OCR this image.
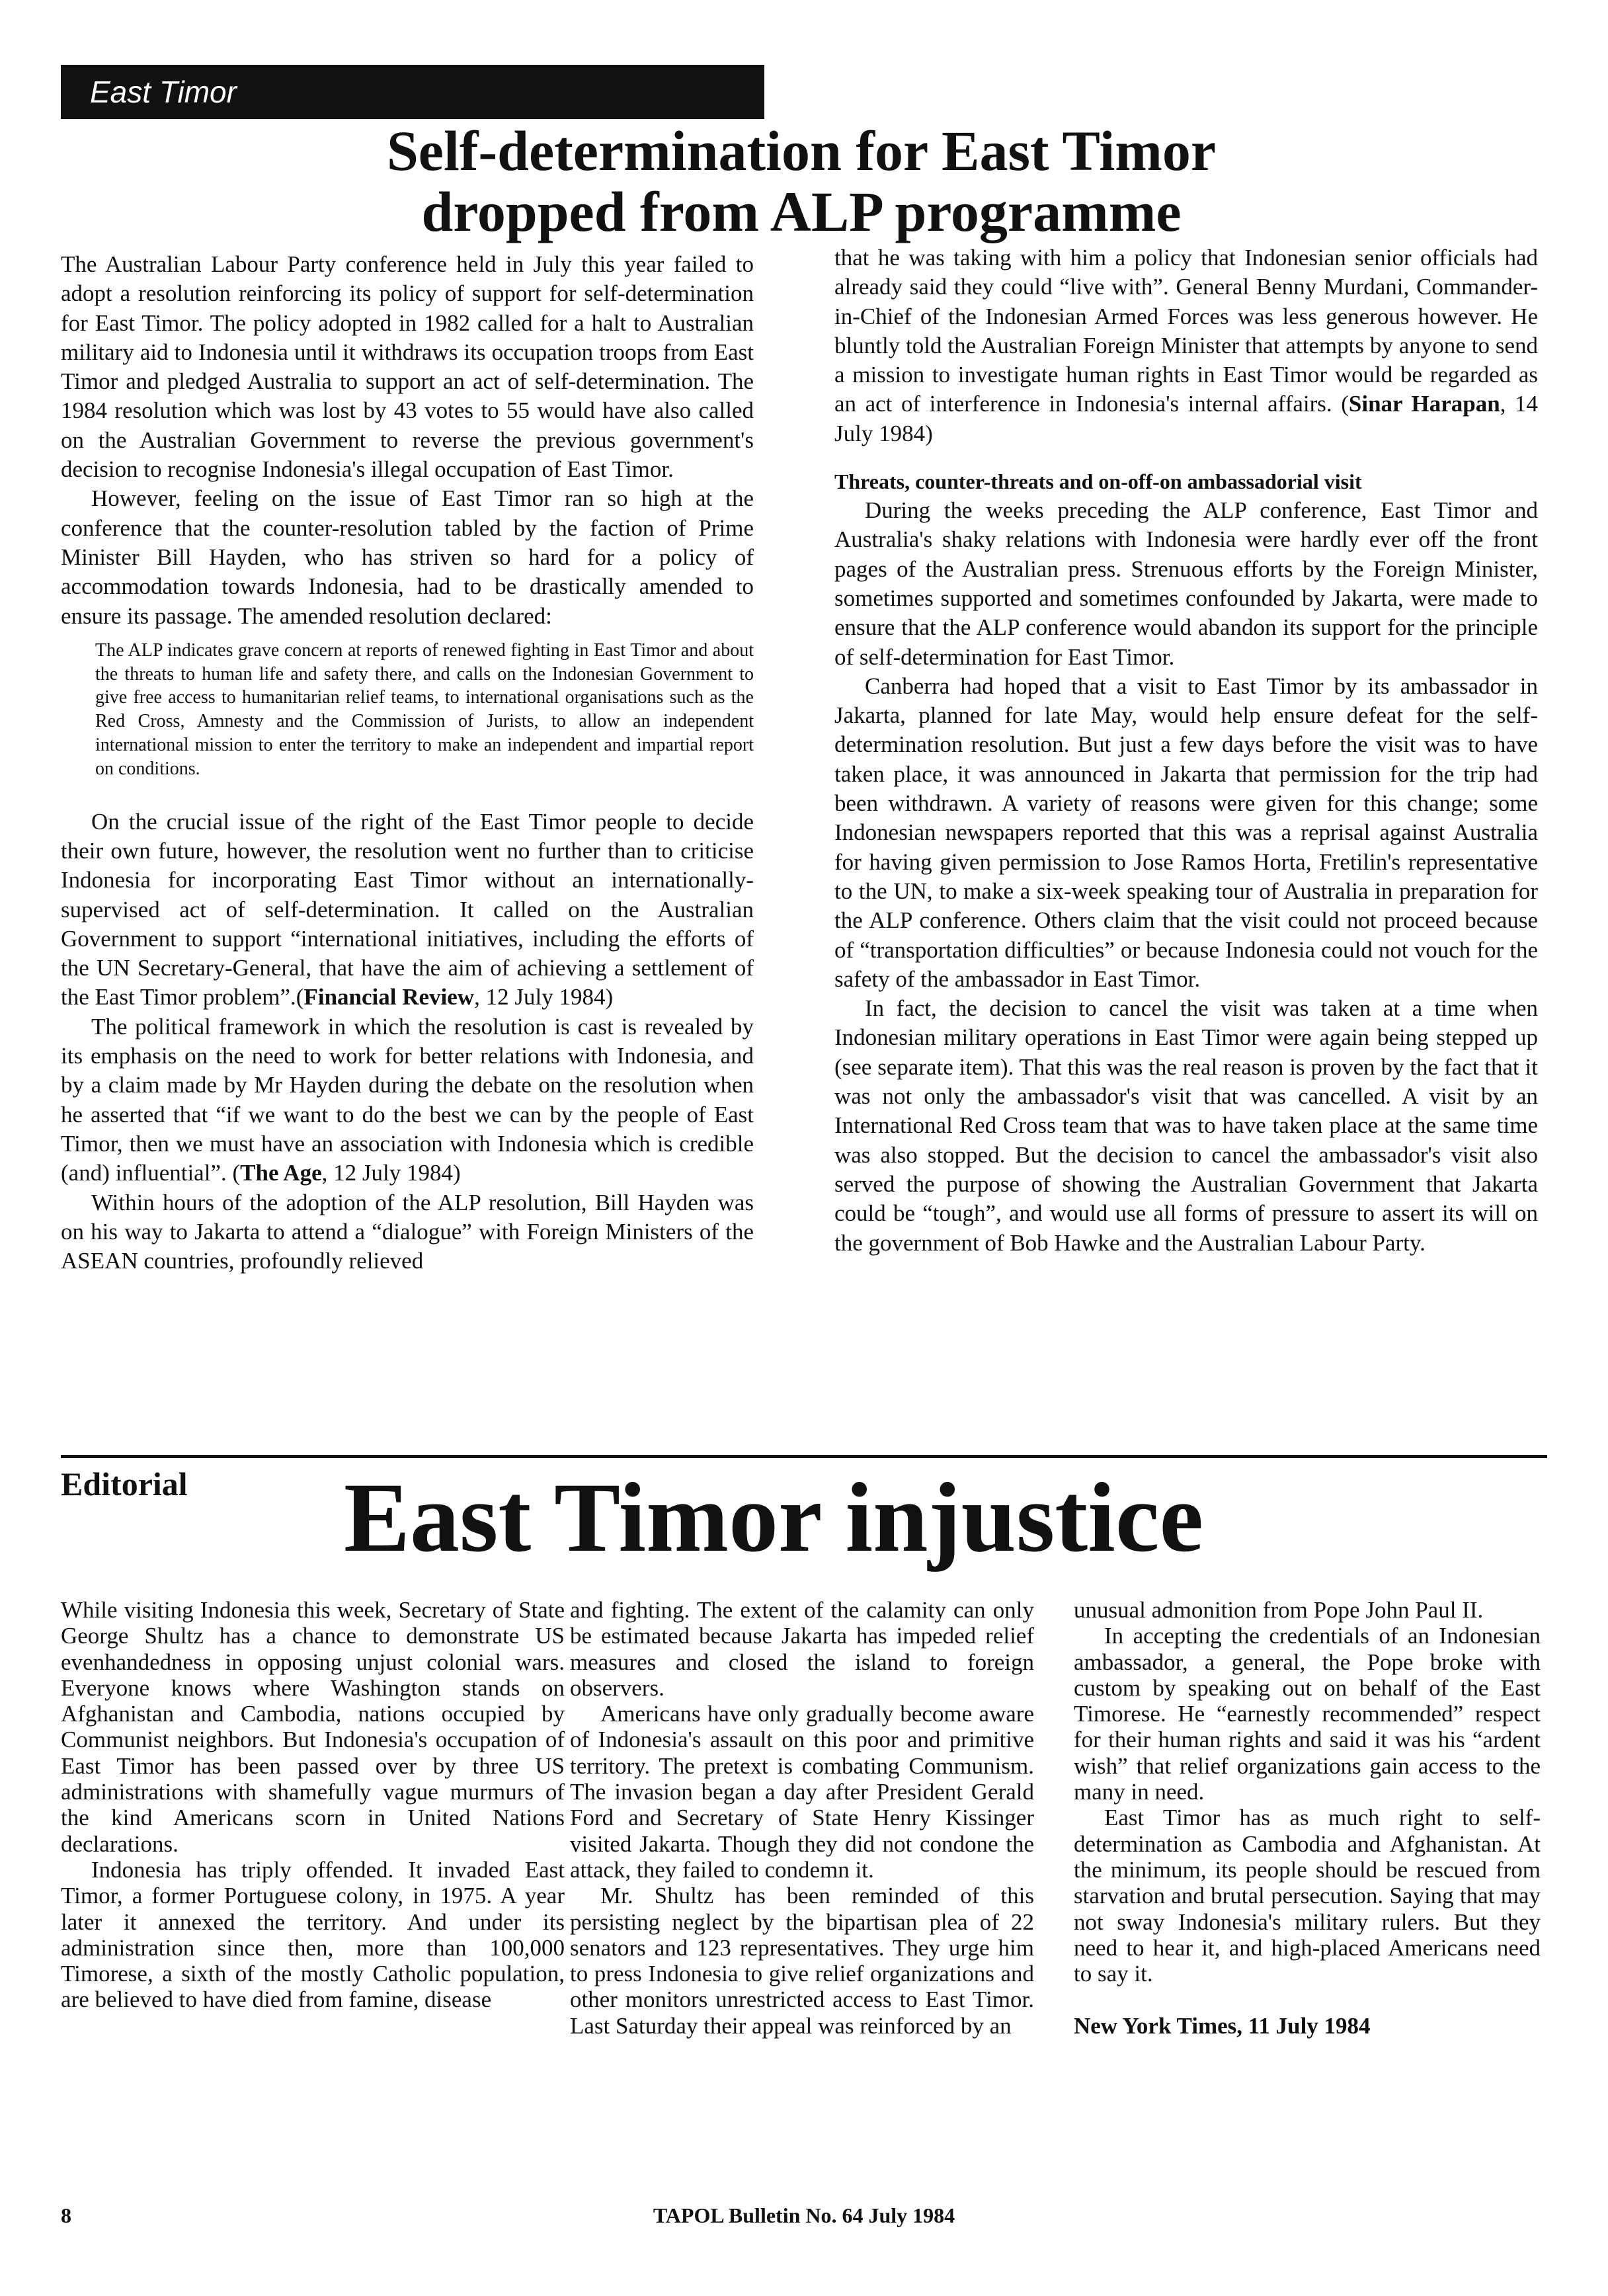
East Timor
Self-determination for East Timor
dropped from ALP programme

The Australian Labour Party conference held in July this year failed to adopt a resolution reinforcing its policy of support for self-determination for East Timor. The policy adopted in 1982 called for a halt to Australian military aid to Indonesia until it withdraws its occupation troops from East Timor and pledged Australia to support an act of self-determination. The 1984 resolution which was lost by 43 votes to 55 would have also called on the Australian Government to reverse the previous government's decision to recognise Indonesia's illegal occupation of East Timor.

However, feeling on the issue of East Timor ran so high at the conference that the counter-resolution tabled by the faction of Prime Minister Bill Hayden, who has striven so hard for a policy of accommodation towards Indonesia, had to be drastically amended to ensure its passage. The amended resolution declared:

The ALP indicates grave concern at reports of renewed fighting in East Timor and about the threats to human life and safety there, and calls on the Indonesian Government to give free access to humanitarian relief teams, to international organisations such as the Red Cross, Amnesty and the Commission of Jurists, to allow an independent international mission to enter the territory to make an independent and impartial report on conditions.

On the crucial issue of the right of the East Timor people to decide their own future, however, the resolution went no further than to criticise Indonesia for incorporating East Timor without an internationally-supervised act of self-determination. It called on the Australian Government to support “international initiatives, including the efforts of the UN Secretary-General, that have the aim of achieving a settlement of the East Timor problem”.(Financial Review, 12 July 1984)

The political framework in which the resolution is cast is revealed by its emphasis on the need to work for better relations with Indonesia, and by a claim made by Mr Hayden during the debate on the resolution when he asserted that “if we want to do the best we can by the people of East Timor, then we must have an association with Indonesia which is credible (and) influential”. (The Age, 12 July 1984)

Within hours of the adoption of the ALP resolution, Bill Hayden was on his way to Jakarta to attend a “dialogue” with Foreign Ministers of the ASEAN countries, profoundly relieved

that he was taking with him a policy that Indonesian senior officials had already said they could “live with”. General Benny Murdani, Commander-in-Chief of the Indonesian Armed Forces was less generous however. He bluntly told the Australian Foreign Minister that attempts by anyone to send a mission to investigate human rights in East Timor would be regarded as an act of interference in Indonesia's internal affairs. (Sinar Harapan, 14 July 1984)

Threats, counter-threats and on-off-on ambassadorial visit

During the weeks preceding the ALP conference, East Timor and Australia's shaky relations with Indonesia were hardly ever off the front pages of the Australian press. Strenuous efforts by the Foreign Minister, sometimes supported and sometimes confounded by Jakarta, were made to ensure that the ALP conference would abandon its support for the principle of self-determination for East Timor.

Canberra had hoped that a visit to East Timor by its ambassador in Jakarta, planned for late May, would help ensure defeat for the self-determination resolution. But just a few days before the visit was to have taken place, it was announced in Jakarta that permission for the trip had been withdrawn. A variety of reasons were given for this change; some Indonesian newspapers reported that this was a reprisal against Australia for having given permission to Jose Ramos Horta, Fretilin's representative to the UN, to make a six-week speaking tour of Australia in preparation for the ALP conference. Others claim that the visit could not proceed because of “transportation difficulties” or because Indonesia could not vouch for the safety of the ambassador in East Timor.

In fact, the decision to cancel the visit was taken at a time when Indonesian military operations in East Timor were again being stepped up (see separate item). That this was the real reason is proven by the fact that it was not only the ambassador's visit that was cancelled. A visit by an International Red Cross team that was to have taken place at the same time was also stopped. But the decision to cancel the ambassador's visit also served the purpose of showing the Australian Government that Jakarta could be “tough”, and would use all forms of pressure to assert its will on the government of Bob Hawke and the Australian Labour Party.

Editorial	East Timor injustice

While visiting Indonesia this week, Secretary of State George Shultz has a chance to demonstrate US evenhandedness in opposing unjust colonial wars. Everyone knows where Washington stands on Afghanistan and Cambodia, nations occupied by Communist neighbors. But Indonesia's occupation of East Timor has been passed over by three US administrations with shamefully vague murmurs of the kind Americans scorn in United Nations declarations.

Indonesia has triply offended. It invaded East Timor, a former Portuguese colony, in 1975. A year later it annexed the territory. And under its administration since then, more than 100,000 Timorese, a sixth of the mostly Catholic population, are believed to have died from famine, disease

and fighting. The extent of the calamity can only be estimated because Jakarta has impeded relief measures and closed the island to foreign observers.

Americans have only gradually become aware of Indonesia's assault on this poor and primitive territory. The pretext is combating Communism. The invasion began a day after President Gerald Ford and Secretary of State Henry Kissinger visited Jakarta. Though they did not condone the attack, they failed to condemn it.

Mr. Shultz has been reminded of this persisting neglect by the bipartisan plea of 22 senators and 123 representatives. They urge him to press Indonesia to give relief organizations and other monitors unrestricted access to East Timor. Last Saturday their appeal was reinforced by an

unusual admonition from Pope John Paul II.

In accepting the credentials of an Indonesian ambassador, a general, the Pope broke with custom by speaking out on behalf of the East Timorese. He “earnestly recommended” respect for their human rights and said it was his “ardent wish” that relief organizations gain access to the many in need.

East Timor has as much right to self-determination as Cambodia and Afghanistan. At the minimum, its people should be rescued from starvation and brutal persecution. Saying that may not sway Indonesia's military rulers. But they need to hear it, and high-placed Americans need to say it.

New York Times, 11 July 1984

8	TAPOL Bulletin No. 64 July 1984
